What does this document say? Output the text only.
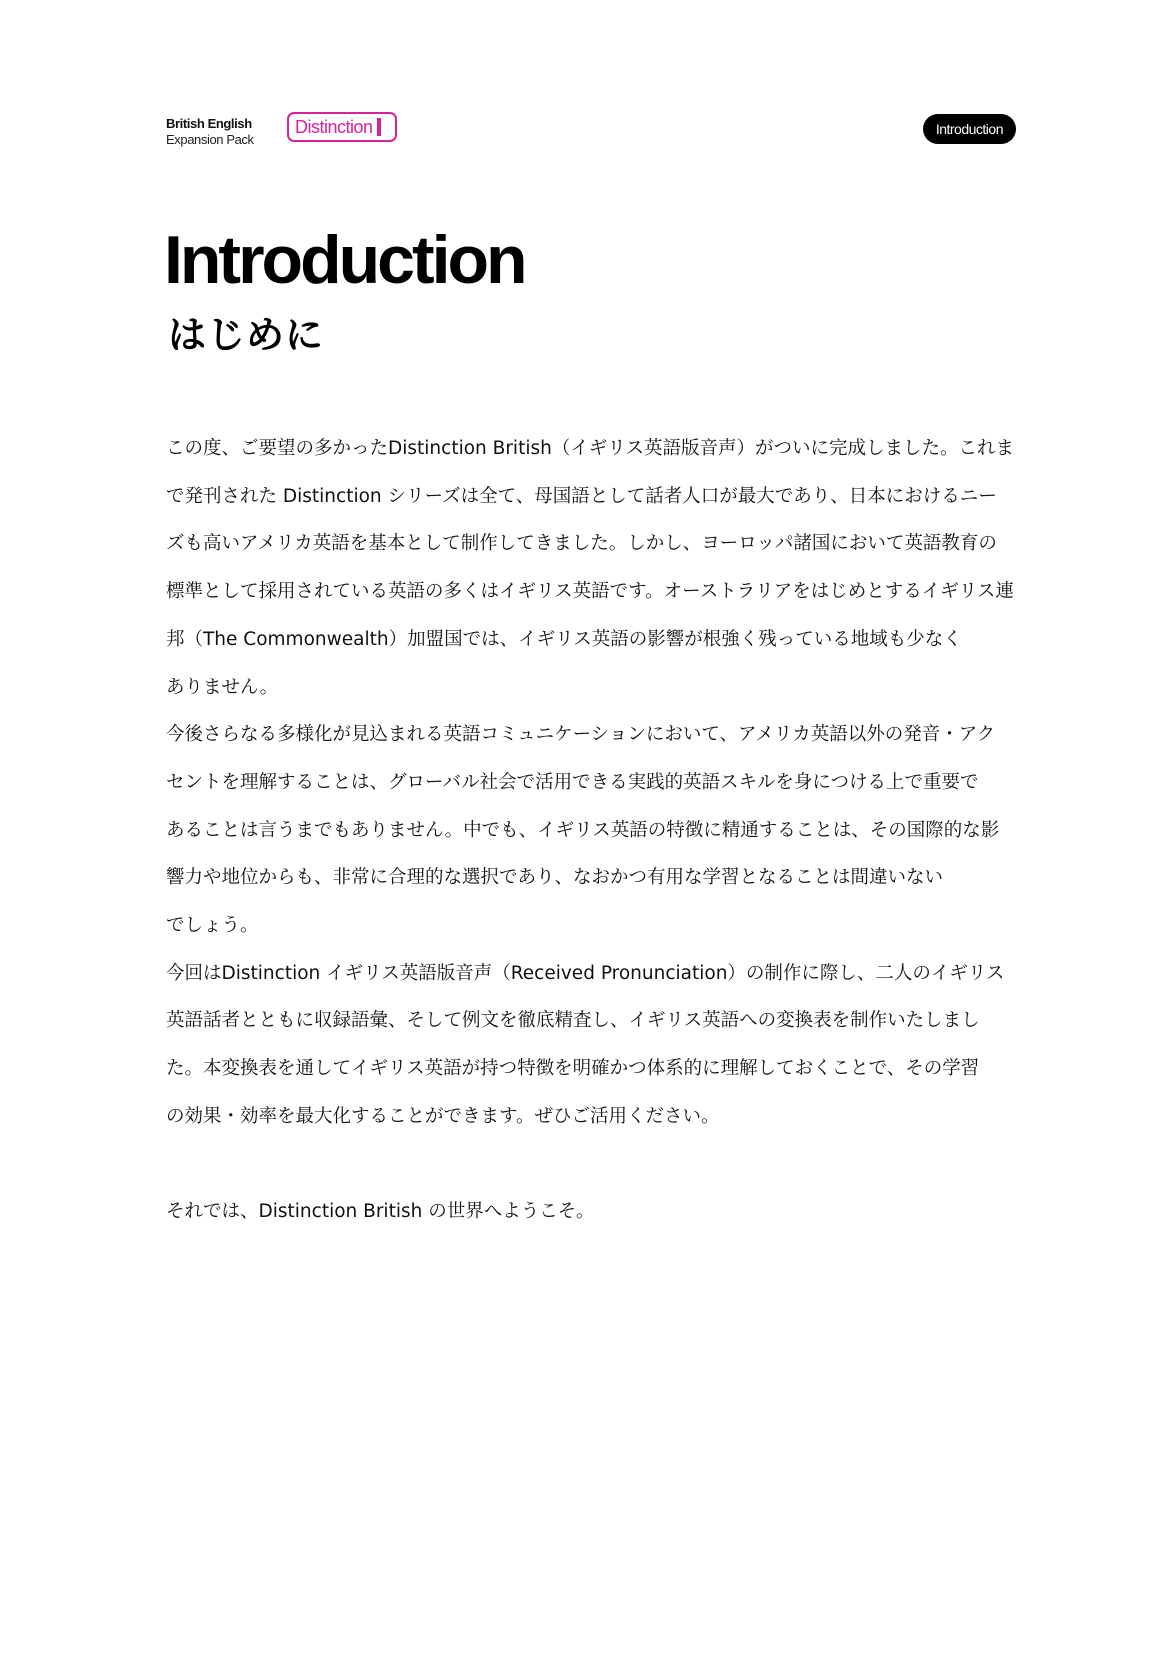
British English
Expansion Pack
Distinction	Introduction
Introduction
はじめに

この度、ご要望の多かったDistinction British（イギリス英語版音声）がついに完成しました。これま

で発刊された Distinction シリーズは全て、母国語として話者人口が最大であり、日本におけるニー

ズも高いアメリカ英語を基本として制作してきました。しかし、ヨーロッパ諸国において英語教育の

標準として採用されている英語の多くはイギリス英語です。オーストラリアをはじめとするイギリス連

邦（The Commonwealth）加盟国では、イギリス英語の影響が根強く残っている地域も少なく

ありません。

今後さらなる多様化が見込まれる英語コミュニケーションにおいて、アメリカ英語以外の発音・アク

セントを理解することは、グローバル社会で活用できる実践的英語スキルを身につける上で重要で

あることは言うまでもありません。中でも、イギリス英語の特徴に精通することは、その国際的な影

響力や地位からも、非常に合理的な選択であり、なおかつ有用な学習となることは間違いない

でしょう。

今回はDistinction イギリス英語版音声（Received Pronunciation）の制作に際し、二人のイギリス

英語話者とともに収録語彙、そして例文を徹底精査し、イギリス英語への変換表を制作いたしまし

た。本変換表を通してイギリス英語が持つ特徴を明確かつ体系的に理解しておくことで、その学習

の効果・効率を最大化することができます。ぜひご活用ください。

それでは、Distinction British の世界へようこそ。
